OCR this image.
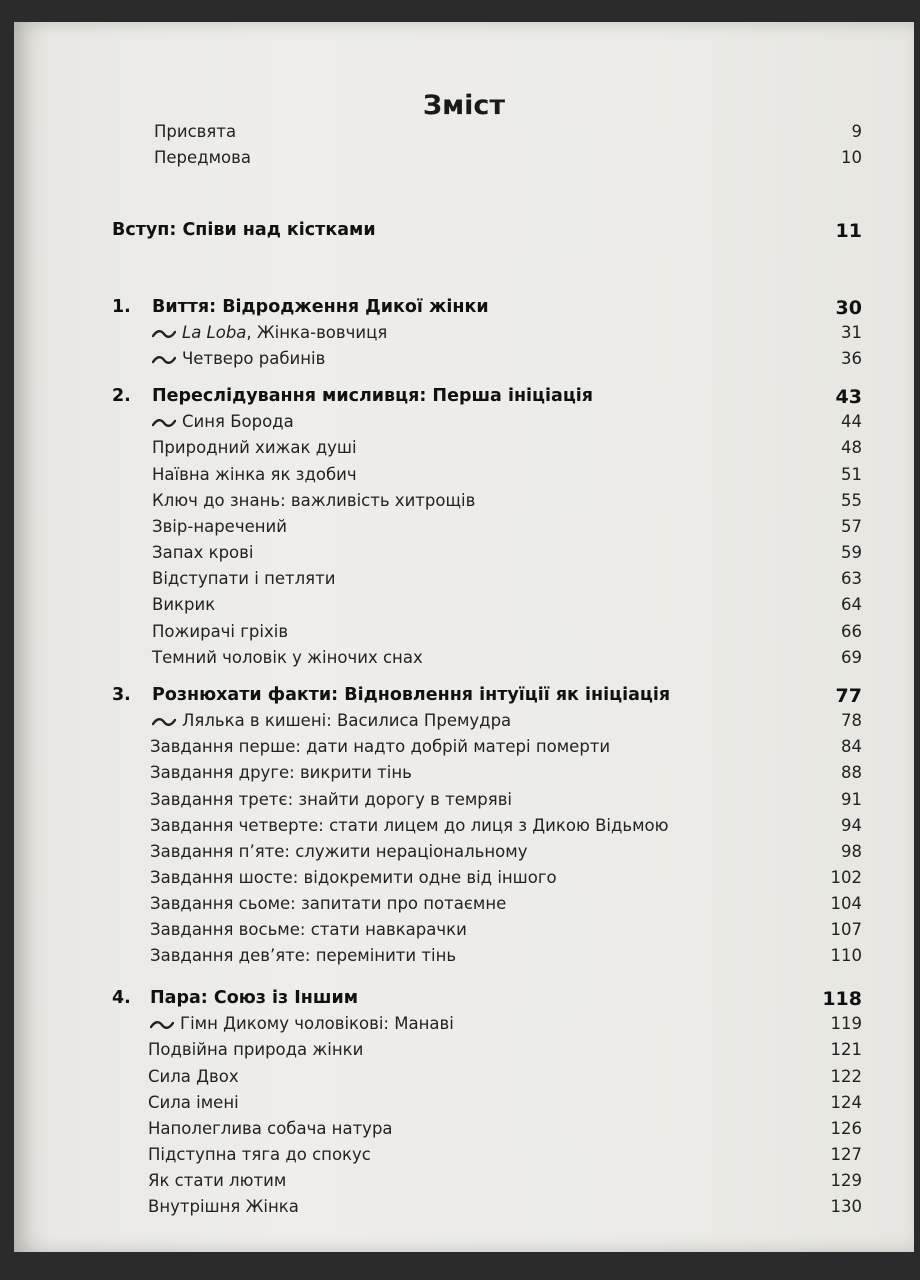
Зміст
Присвята	9
Передмова	10
Вступ: Співи над кістками	11
1. Виття: Відродження Дикої жінки	30
La Loba, Жінка-вовчиця	31
Четверо рабинів	36
2. Переслідування мисливця: Перша ініціація	43
Синя Борода	44
Природний хижак душі	48
Наївна жінка як здобич	51
Ключ до знань: важливість хитрощів	55
Звір-наречений	57
Запах крові	59
Відступати і петляти	63
Викрик	64
Пожирачі гріхів	66
Темний чоловік у жіночих снах	69
3. Рознюхати факти: Відновлення інтуїції як ініціація	77
Лялька в кишені: Василиса Премудра	78
Завдання перше: дати надто добрій матері померти	84
Завдання друге: викрити тінь	88
Завдання третє: знайти дорогу в темряві	91
Завдання четверте: стати лицем до лиця з Дикою Відьмою	94
Завдання п’яте: служити нераціональному	98
Завдання шосте: відокремити одне від іншого	102
Завдання сьоме: запитати про потаємне	104
Завдання восьме: стати навкарачки	107
Завдання дев’яте: перемінити тінь	110
4. Пара: Союз із Іншим	118
Гімн Дикому чоловікові: Манаві	119
Подвійна природа жінки	121
Сила Двох	122
Сила імені	124
Наполеглива собача натура	126
Підступна тяга до спокус	127
Як стати лютим	129
Внутрішня Жінка	130
